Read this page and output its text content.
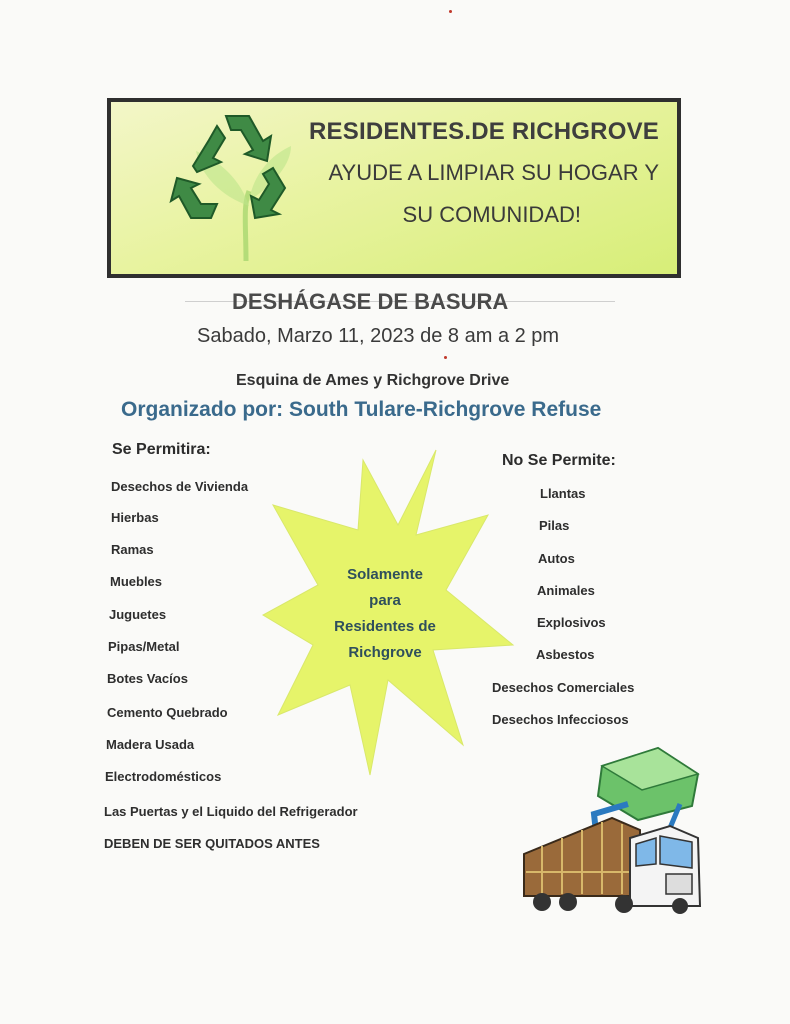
RESIDENTES.DE RICHGROVE
AYUDE A LIMPIAR SU HOGAR Y
SU COMUNIDAD!
DESHÁGASE DE BASURA
Sabado, Marzo 11, 2023 de 8 am a 2 pm
Esquina de Ames y Richgrove Drive
Organizado por: South Tulare-Richgrove Refuse
Se Permitira:
No Se Permite:
Desechos de Vivienda
Hierbas
Ramas
Muebles
Juguetes
Pipas/Metal
Botes Vacíos
Cemento Quebrado
Madera Usada
Electrodomésticos
Las Puertas y el Liquido del Refrigerador
DEBEN DE SER QUITADOS ANTES
Llantas
Pilas
Autos
Animales
Explosivos
Asbestos
Desechos Comerciales
Desechos Infecciosos
Solamente
para
Residentes de
Richgrove
